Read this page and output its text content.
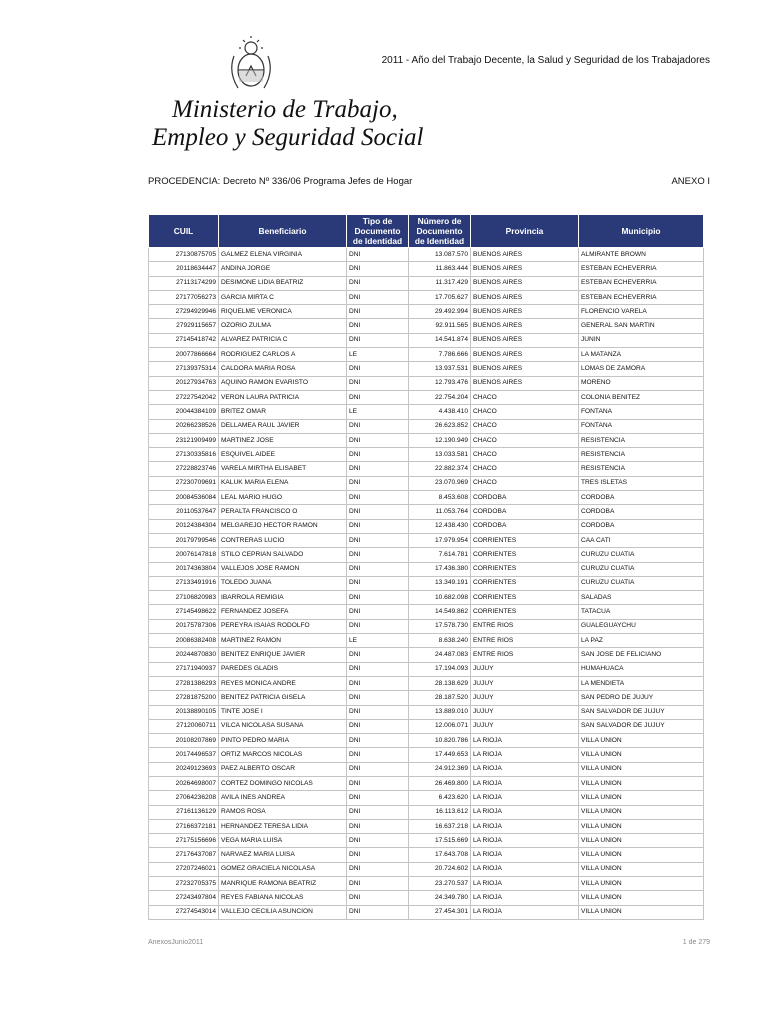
Ministerio de Trabajo,
Empleo y Seguridad Social
2011 - Año del Trabajo Decente, la Salud y Seguridad de los Trabajadores
PROCEDENCIA: Decreto Nº 336/06 Programa Jefes de Hogar	ANEXO I
CUIL	Beneficiario	Tipo de Documento de Identidad	Número de Documento de Identidad	Provincia	Municipio
27130875705	GALMEZ ELENA VIRGINIA	DNI	13.087.570	BUENOS AIRES	ALMIRANTE BROWN
20118634447	ANDINA JORGE	DNI	11.863.444	BUENOS AIRES	ESTEBAN ECHEVERRIA
27113174299	DESIMONE LIDIA BEATRIZ	DNI	11.317.429	BUENOS AIRES	ESTEBAN ECHEVERRIA
27177056273	GARCIA MIRTA C	DNI	17.705.627	BUENOS AIRES	ESTEBAN ECHEVERRIA
27294929946	RIQUELME VERONICA	DNI	29.492.994	BUENOS AIRES	FLORENCIO VARELA
27929115657	OZORIO ZULMA	DNI	92.911.565	BUENOS AIRES	GENERAL SAN MARTIN
27145418742	ALVAREZ PATRICIA C	DNI	14.541.874	BUENOS AIRES	JUNIN
20077866664	RODRIGUEZ CARLOS A	LE	7.786.666	BUENOS AIRES	LA MATANZA
27139375314	CALDORA MARIA ROSA	DNI	13.937.531	BUENOS AIRES	LOMAS DE ZAMORA
20127934763	AQUINO RAMON EVARISTO	DNI	12.793.476	BUENOS AIRES	MORENO
27227542042	VERON LAURA PATRICIA	DNI	22.754.204	CHACO	COLONIA BENITEZ
20044384109	BRITEZ OMAR	LE	4.438.410	CHACO	FONTANA
20266238526	DELLAMEA RAUL JAVIER	DNI	26.623.852	CHACO	FONTANA
23121909499	MARTINEZ JOSE	DNI	12.190.949	CHACO	RESISTENCIA
27130335816	ESQUIVEL AIDEE	DNI	13.033.581	CHACO	RESISTENCIA
27228823746	VARELA MIRTHA ELISABET	DNI	22.882.374	CHACO	RESISTENCIA
27230709691	KALUK MARIA ELENA	DNI	23.070.969	CHACO	TRES ISLETAS
20084536084	LEAL MARIO HUGO	DNI	8.453.608	CORDOBA	CORDOBA
20110537647	PERALTA FRANCISCO O	DNI	11.053.764	CORDOBA	CORDOBA
20124384304	MELGAREJO HECTOR RAMON	DNI	12.438.430	CORDOBA	CORDOBA
20179799546	CONTRERAS LUCIO	DNI	17.979.954	CORRIENTES	CAA CATI
20076147818	STILO CEPRIAN SALVADO	DNI	7.614.781	CORRIENTES	CURUZU CUATIA
20174363804	VALLEJOS JOSE RAMON	DNI	17.436.380	CORRIENTES	CURUZU CUATIA
27133491916	TOLEDO JUANA	DNI	13.349.191	CORRIENTES	CURUZU CUATIA
27106820983	IBARROLA REMIGIA	DNI	10.682.098	CORRIENTES	SALADAS
27145498622	FERNANDEZ JOSEFA	DNI	14.549.862	CORRIENTES	TATACUA
20175787306	PEREYRA ISAIAS RODOLFO	DNI	17.578.730	ENTRE RIOS	GUALEGUAYCHU
20086382408	MARTINEZ RAMON	LE	8.638.240	ENTRE RIOS	LA PAZ
20244870830	BENITEZ ENRIQUE JAVIER	DNI	24.487.083	ENTRE RIOS	SAN JOSE DE FELICIANO
27171940937	PAREDES GLADIS	DNI	17.194.093	JUJUY	HUMAHUACA
27281386293	REYES MONICA ANDRE	DNI	28.138.629	JUJUY	LA MENDIETA
27281875200	BENITEZ PATRICIA GISELA	DNI	28.187.520	JUJUY	SAN PEDRO DE JUJUY
20138890105	TINTE JOSE I	DNI	13.889.010	JUJUY	SAN SALVADOR DE JUJUY
27120060711	VILCA NICOLASA SUSANA	DNI	12.006.071	JUJUY	SAN SALVADOR DE JUJUY
20108207869	PINTO PEDRO MARIA	DNI	10.820.786	LA RIOJA	VILLA UNION
20174496537	ORTIZ MARCOS NICOLAS	DNI	17.449.653	LA RIOJA	VILLA UNION
20249123693	PAEZ ALBERTO OSCAR	DNI	24.912.369	LA RIOJA	VILLA UNION
20264698007	CORTEZ DOMINGO NICOLAS	DNI	26.469.800	LA RIOJA	VILLA UNION
27064236208	AVILA INES ANDREA	DNI	6.423.620	LA RIOJA	VILLA UNION
27161136129	RAMOS ROSA	DNI	16.113.612	LA RIOJA	VILLA UNION
27166372181	HERNANDEZ TERESA LIDIA	DNI	16.637.218	LA RIOJA	VILLA UNION
27175156696	VEGA MARIA LUISA	DNI	17.515.669	LA RIOJA	VILLA UNION
27176437087	NARVAEZ MARIA LUISA	DNI	17.643.708	LA RIOJA	VILLA UNION
27207246021	GOMEZ GRACIELA NICOLASA	DNI	20.724.602	LA RIOJA	VILLA UNION
27232705375	MANRIQUE RAMONA BEATRIZ	DNI	23.270.537	LA RIOJA	VILLA UNION
27243497804	REYES FABIANA NICOLAS	DNI	24.349.780	LA RIOJA	VILLA UNION
27274543014	VALLEJO CECILIA ASUNCION	DNI	27.454.301	LA RIOJA	VILLA UNION
AnexosJunio2011	1 de 279
